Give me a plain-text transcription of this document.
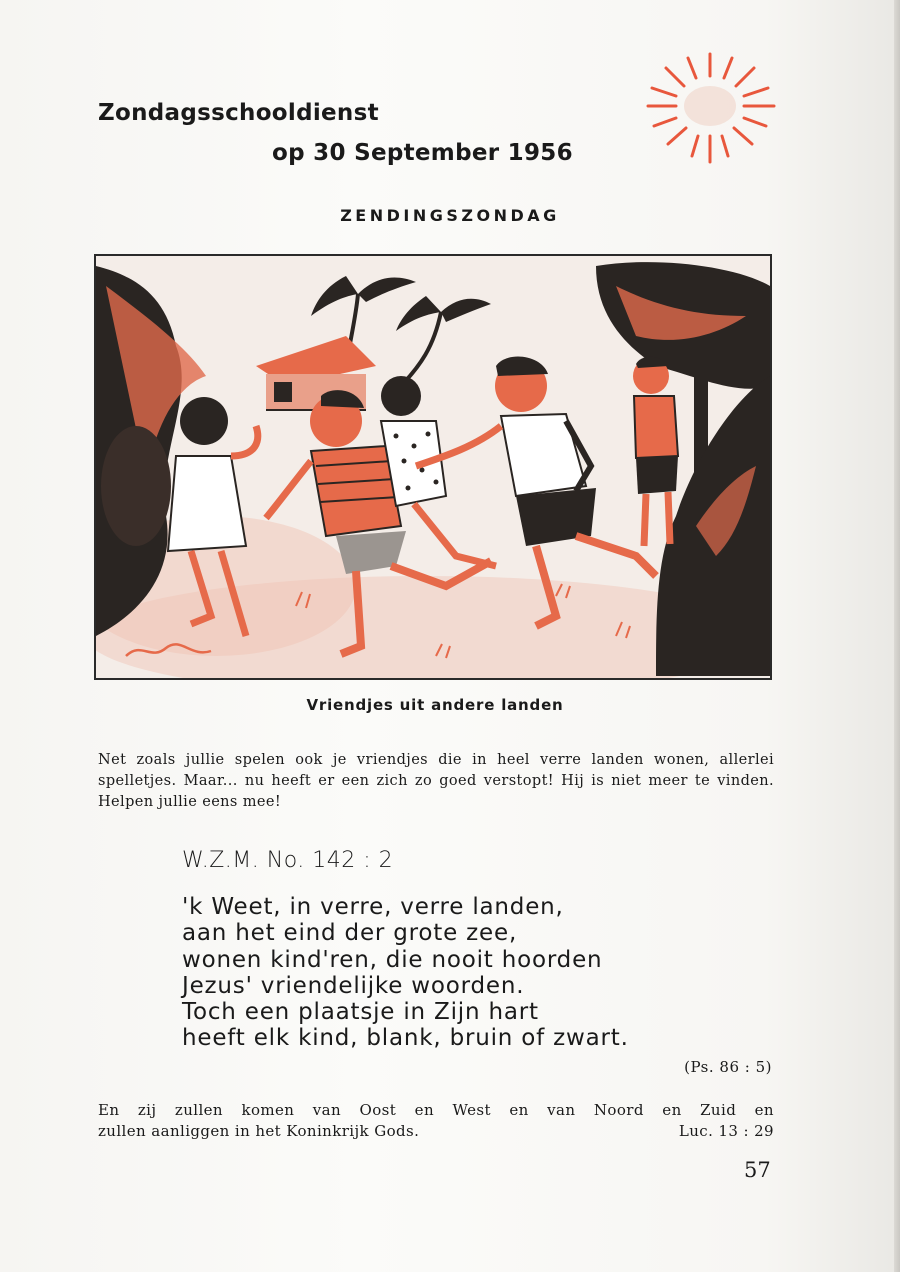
Zondagsschooldienst
op 30 September 1956
ZENDINGSZONDAG
Vriendjes uit andere landen
Net zoals jullie spelen ook je vriendjes die in heel verre landen wonen, allerlei spelletjes. Maar... nu heeft er een zich zo goed verstopt! Hij is niet meer te vinden. Helpen jullie eens mee!
W.Z.M. No. 142 : 2
'k Weet, in verre, verre landen,
aan het eind der grote zee,
wonen kind'ren, die nooit hoorden
Jezus' vriendelijke woorden.
Toch een plaatsje in Zijn hart
heeft elk kind, blank, bruin of zwart.
(Ps. 86 : 5)
En zij zullen komen van Oost en West en van Noord en Zuid en
zullen aanliggen in het Koninkrijk Gods.	Luc. 13 : 29
57
